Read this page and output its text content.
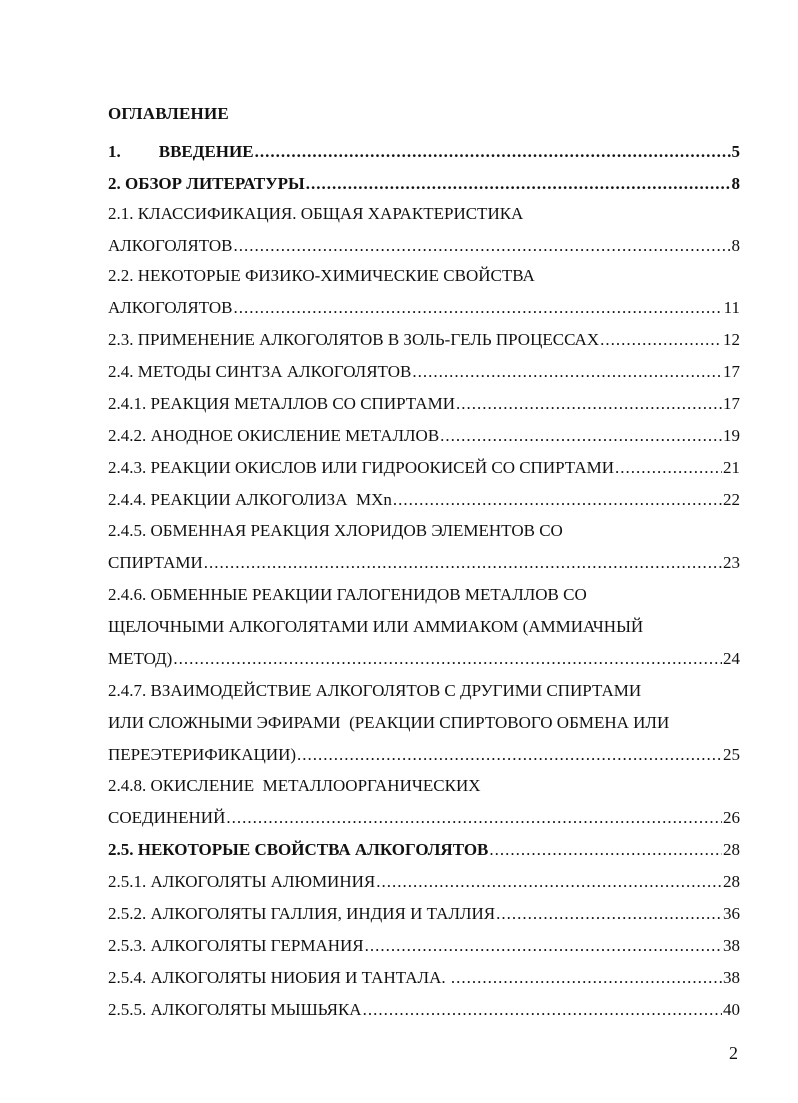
ОГЛАВЛЕНИЕ
1. ВВЕДЕНИЕ .....	5
2. ОБЗОР ЛИТЕРАТУРЫ .....	8
2.1. КЛАССИФИКАЦИЯ. ОБЩАЯ ХАРАКТЕРИСТИКА
АЛКОГОЛЯТОВ .....	8
2.2. НЕКОТОРЫЕ ФИЗИКО-ХИМИЧЕСКИЕ СВОЙСТВА
АЛКОГОЛЯТОВ .....	11
2.3. ПРИМЕНЕНИЕ АЛКОГОЛЯТОВ В ЗОЛЬ-ГЕЛЬ ПРОЦЕССАХ .....	12
2.4. МЕТОДЫ СИНТЗА АЛКОГОЛЯТОВ .....	17
2.4.1. РЕАКЦИЯ МЕТАЛЛОВ СО СПИРТАМИ .....	17
2.4.2. АНОДНОЕ ОКИСЛЕНИЕ МЕТАЛЛОВ .....	19
2.4.3. РЕАКЦИИ ОКИСЛОВ ИЛИ ГИДРООКИСЕЙ СО СПИРТАМИ .....	21
2.4.4. РЕАКЦИИ АЛКОГОЛИЗА  MXn .....	22
2.4.5. ОБМЕННАЯ РЕАКЦИЯ ХЛОРИДОВ ЭЛЕМЕНТОВ СО
СПИРТАМИ .....	23
2.4.6. ОБМЕННЫЕ РЕАКЦИИ ГАЛОГЕНИДОВ МЕТАЛЛОВ СО
ЩЕЛОЧНЫМИ АЛКОГОЛЯТАМИ ИЛИ АММИАКОМ (АММИАЧНЫЙ
МЕТОД) .....	24
2.4.7. ВЗАИМОДЕЙСТВИЕ АЛКОГОЛЯТОВ С ДРУГИМИ СПИРТАМИ
ИЛИ СЛОЖНЫМИ ЭФИРАМИ  (РЕАКЦИИ СПИРТОВОГО ОБМЕНА ИЛИ
ПЕРЕЭТЕРИФИКАЦИИ) .....	25
2.4.8. ОКИСЛЕНИЕ  МЕТАЛЛООРГАНИЧЕСКИХ
СОЕДИНЕНИЙ .....	26
2.5. НЕКОТОРЫЕ СВОЙСТВА АЛКОГОЛЯТОВ .....	28
2.5.1. АЛКОГОЛЯТЫ АЛЮМИНИЯ .....	28
2.5.2. АЛКОГОЛЯТЫ ГАЛЛИЯ, ИНДИЯ И ТАЛЛИЯ .....	36
2.5.3. АЛКОГОЛЯТЫ ГЕРМАНИЯ .....	38
2.5.4. АЛКОГОЛЯТЫ НИОБИЯ И ТАНТАЛА. .....	38
2.5.5. АЛКОГОЛЯТЫ МЫШЬЯКА .....	40
2
